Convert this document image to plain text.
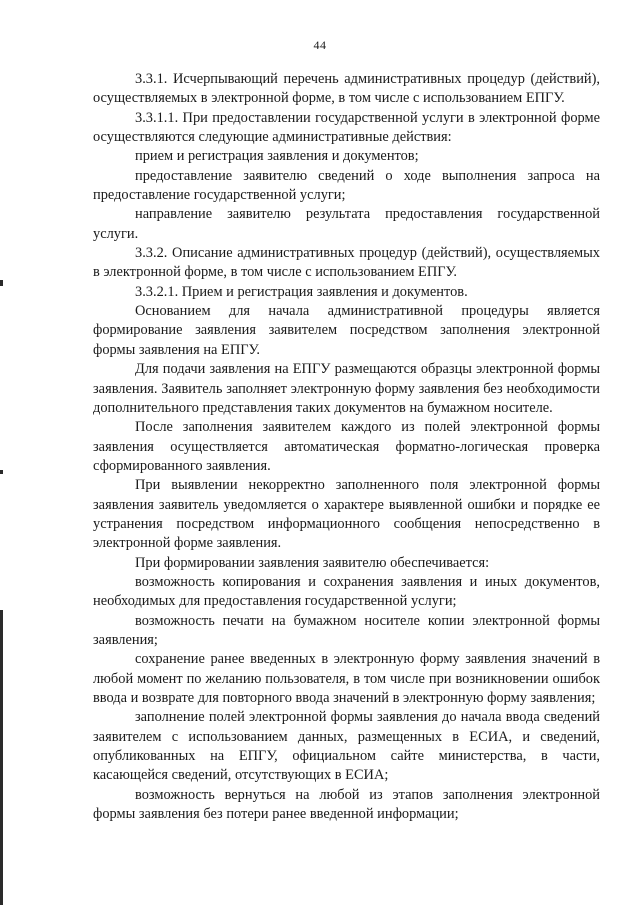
44

3.3.1. Исчерпывающий перечень административных процедур (действий), осуществляемых в электронной форме, в том числе с использованием ЕПГУ.

3.3.1.1. При предоставлении государственной услуги в электронной форме осуществляются следующие административные действия:

прием и регистрация заявления и документов;

предоставление заявителю сведений о ходе выполнения запроса на предоставление государственной услуги;

направление заявителю результата предоставления государственной услуги.

3.3.2. Описание административных процедур (действий), осуществляемых в электронной форме, в том числе с использованием ЕПГУ.

3.3.2.1. Прием и регистрация заявления и документов.

Основанием для начала административной процедуры является формирование заявления заявителем посредством заполнения электронной формы заявления на ЕПГУ.

Для подачи заявления на ЕПГУ размещаются образцы электронной формы заявления. Заявитель заполняет электронную форму заявления без необходимости дополнительного представления таких документов на бумажном носителе.

После заполнения заявителем каждого из полей электронной формы заявления осуществляется автоматическая форматно-логическая проверка сформированного заявления.

При выявлении некорректно заполненного поля электронной формы заявления заявитель уведомляется о характере выявленной ошибки и порядке ее устранения посредством информационного сообщения непосредственно в электронной форме заявления.

При формировании заявления заявителю обеспечивается:

возможность копирования и сохранения заявления и иных документов, необходимых для предоставления государственной услуги;

возможность печати на бумажном носителе копии электронной формы заявления;

сохранение ранее введенных в электронную форму заявления значений в любой момент по желанию пользователя, в том числе при возникновении ошибок ввода и возврате для повторного ввода значений в электронную форму заявления;

заполнение полей электронной формы заявления до начала ввода сведений заявителем с использованием данных, размещенных в ЕСИА, и сведений, опубликованных на ЕПГУ, официальном сайте министерства, в части, касающейся сведений, отсутствующих в ЕСИА;

возможность вернуться на любой из этапов заполнения электронной формы заявления без потери ранее введенной информации;
